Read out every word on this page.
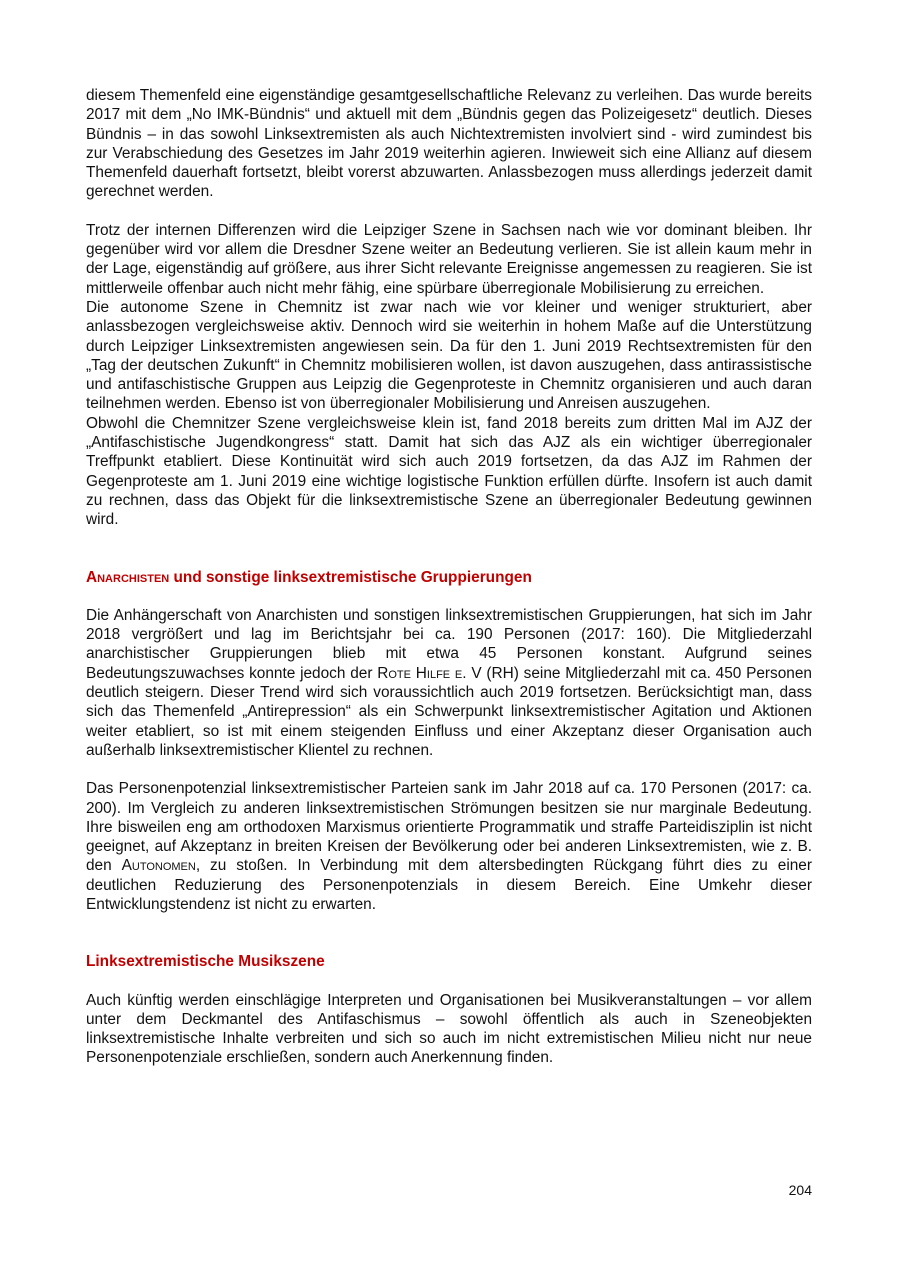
diesem Themenfeld eine eigenständige gesamtgesellschaftliche Relevanz zu verleihen. Das wurde bereits 2017 mit dem „No IMK-Bündnis“ und aktuell mit dem „Bündnis gegen das Polizeigesetz“ deutlich. Dieses Bündnis – in das sowohl Linksextremisten als auch Nichtextremisten involviert sind - wird zumindest bis zur Verabschiedung des Gesetzes im Jahr 2019 weiterhin agieren. Inwieweit sich eine Allianz auf diesem Themenfeld dauerhaft fortsetzt, bleibt vorerst abzuwarten. Anlassbezogen muss allerdings jederzeit damit gerechnet werden.

Trotz der internen Differenzen wird die Leipziger Szene in Sachsen nach wie vor dominant bleiben. Ihr gegenüber wird vor allem die Dresdner Szene weiter an Bedeutung verlieren. Sie ist allein kaum mehr in der Lage, eigenständig auf größere, aus ihrer Sicht relevante Ereignisse angemessen zu reagieren. Sie ist mittlerweile offenbar auch nicht mehr fähig, eine spürbare überregionale Mobilisierung zu erreichen.

Die autonome Szene in Chemnitz ist zwar nach wie vor kleiner und weniger strukturiert, aber anlassbezogen vergleichsweise aktiv. Dennoch wird sie weiterhin in hohem Maße auf die Unterstützung durch Leipziger Linksextremisten angewiesen sein. Da für den 1. Juni 2019 Rechtsextremisten für den „Tag der deutschen Zukunft“ in Chemnitz mobilisieren wollen, ist davon auszugehen, dass antirassistische und antifaschistische Gruppen aus Leipzig die Gegenproteste in Chemnitz organisieren und auch daran teilnehmen werden. Ebenso ist von überregionaler Mobilisierung und Anreisen auszugehen.

Obwohl die Chemnitzer Szene vergleichsweise klein ist, fand 2018 bereits zum dritten Mal im AJZ der „Antifaschistische Jugendkongress“ statt. Damit hat sich das AJZ als ein wichtiger überregionaler Treffpunkt etabliert. Diese Kontinuität wird sich auch 2019 fortsetzen, da das AJZ im Rahmen der Gegenproteste am 1. Juni 2019 eine wichtige logistische Funktion erfüllen dürfte. Insofern ist auch damit zu rechnen, dass das Objekt für die linksextremistische Szene an überregionaler Bedeutung gewinnen wird.

Anarchisten und sonstige linksextremistische Gruppierungen

Die Anhängerschaft von Anarchisten und sonstigen linksextremistischen Gruppierungen, hat sich im Jahr 2018 vergrößert und lag im Berichtsjahr bei ca. 190 Personen (2017: 160). Die Mitgliederzahl anarchistischer Gruppierungen blieb mit etwa 45 Personen konstant. Aufgrund seines Bedeutungszuwachses konnte jedoch der Rote Hilfe e. V (RH) seine Mitgliederzahl mit ca. 450 Personen deutlich steigern. Dieser Trend wird sich voraussichtlich auch 2019 fortsetzen. Berücksichtigt man, dass sich das Themenfeld „Antirepression“ als ein Schwerpunkt linksextremistischer Agitation und Aktionen weiter etabliert, so ist mit einem steigenden Einfluss und einer Akzeptanz dieser Organisation auch außerhalb linksextremistischer Klientel zu rechnen.

Das Personenpotenzial linksextremistischer Parteien sank im Jahr 2018 auf ca. 170 Personen (2017: ca. 200). Im Vergleich zu anderen linksextremistischen Strömungen besitzen sie nur marginale Bedeutung. Ihre bisweilen eng am orthodoxen Marxismus orientierte Programmatik und straffe Parteidisziplin ist nicht geeignet, auf Akzeptanz in breiten Kreisen der Bevölkerung oder bei anderen Linksextremisten, wie z. B. den Autonomen, zu stoßen. In Verbindung mit dem altersbedingten Rückgang führt dies zu einer deutlichen Reduzierung des Personenpotenzials in diesem Bereich. Eine Umkehr dieser Entwicklungstendenz ist nicht zu erwarten.

Linksextremistische Musikszene

Auch künftig werden einschlägige Interpreten und Organisationen bei Musikveranstaltungen – vor allem unter dem Deckmantel des Antifaschismus – sowohl öffentlich als auch in Szeneobjekten linksextremistische Inhalte verbreiten und sich so auch im nicht extremistischen Milieu nicht nur neue Personenpotenziale erschließen, sondern auch Anerkennung finden.

204
